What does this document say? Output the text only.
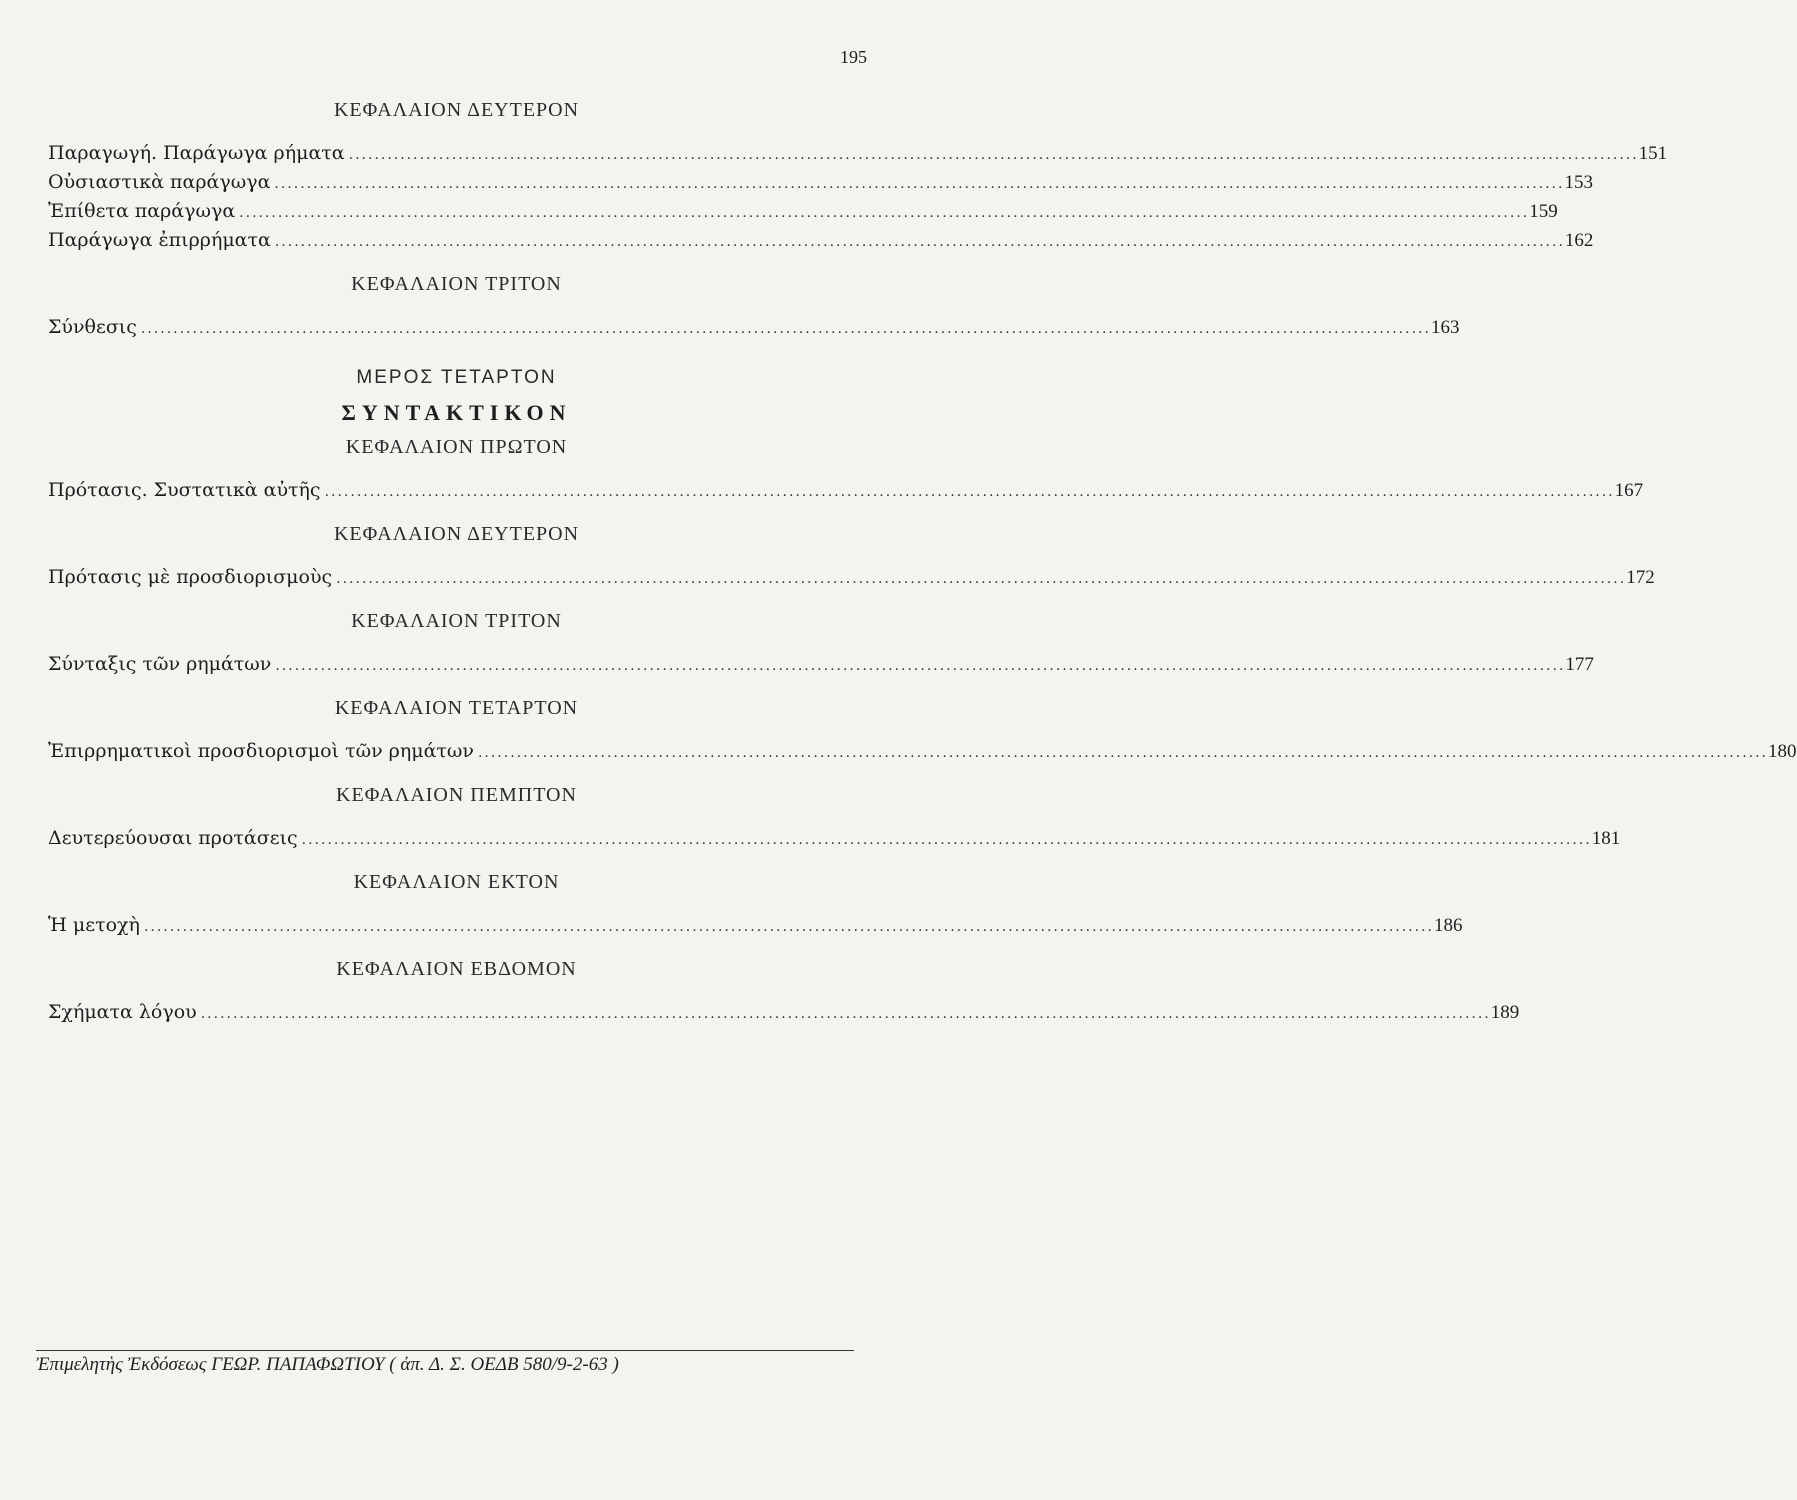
195
ΚΕΦΑΛΑΙΟΝ ΔΕΥΤΕΡΟΝ
Παραγωγή. Παράγωγα ρήματα ........................................................................................................................................................................................................ 151
Οὐσιαστικὰ παράγωγα ........................................................................................................................................................................................................ 153
Ἐπίθετα παράγωγα ........................................................................................................................................................................................................ 159
Παράγωγα ἐπιρρήματα ........................................................................................................................................................................................................ 162
ΚΕΦΑΛΑΙΟΝ ΤΡΙΤΟΝ
Σύνθεσις ........................................................................................................................................................................................................ 163
ΜΕΡΟΣ ΤΕΤΑΡΤΟΝ
ΣΥΝΤΑΚΤΙΚΟΝ
ΚΕΦΑΛΑΙΟΝ ΠΡΩΤΟΝ
Πρότασις. Συστατικὰ αὐτῆς ........................................................................................................................................................................................................ 167
ΚΕΦΑΛΑΙΟΝ ΔΕΥΤΕΡΟΝ
Πρότασις μὲ προσδιορισμοὺς ........................................................................................................................................................................................................ 172
ΚΕΦΑΛΑΙΟΝ ΤΡΙΤΟΝ
Σύνταξις τῶν ρημάτων ........................................................................................................................................................................................................ 177
ΚΕΦΑΛΑΙΟΝ ΤΕΤΑΡΤΟΝ
Ἐπιρρηματικοὶ προσδιορισμοὶ τῶν ρημάτων ........................................................................................................................................................................................................ 180
ΚΕΦΑΛΑΙΟΝ ΠΕΜΠΤΟΝ
Δευτερεύουσαι προτάσεις ........................................................................................................................................................................................................ 181
ΚΕΦΑΛΑΙΟΝ ΕΚΤΟΝ
Ἡ μετοχὴ ........................................................................................................................................................................................................ 186
ΚΕΦΑΛΑΙΟΝ ΕΒΔΟΜΟΝ
Σχήματα λόγου ........................................................................................................................................................................................................ 189
Ἐπιμελητὴς Ἐκδόσεως ΓΕΩΡ. ΠΑΠΑΦΩΤΙΟΥ ( ἀπ. Δ. Σ. ΟΕΔΒ 580/9-2-63 )
